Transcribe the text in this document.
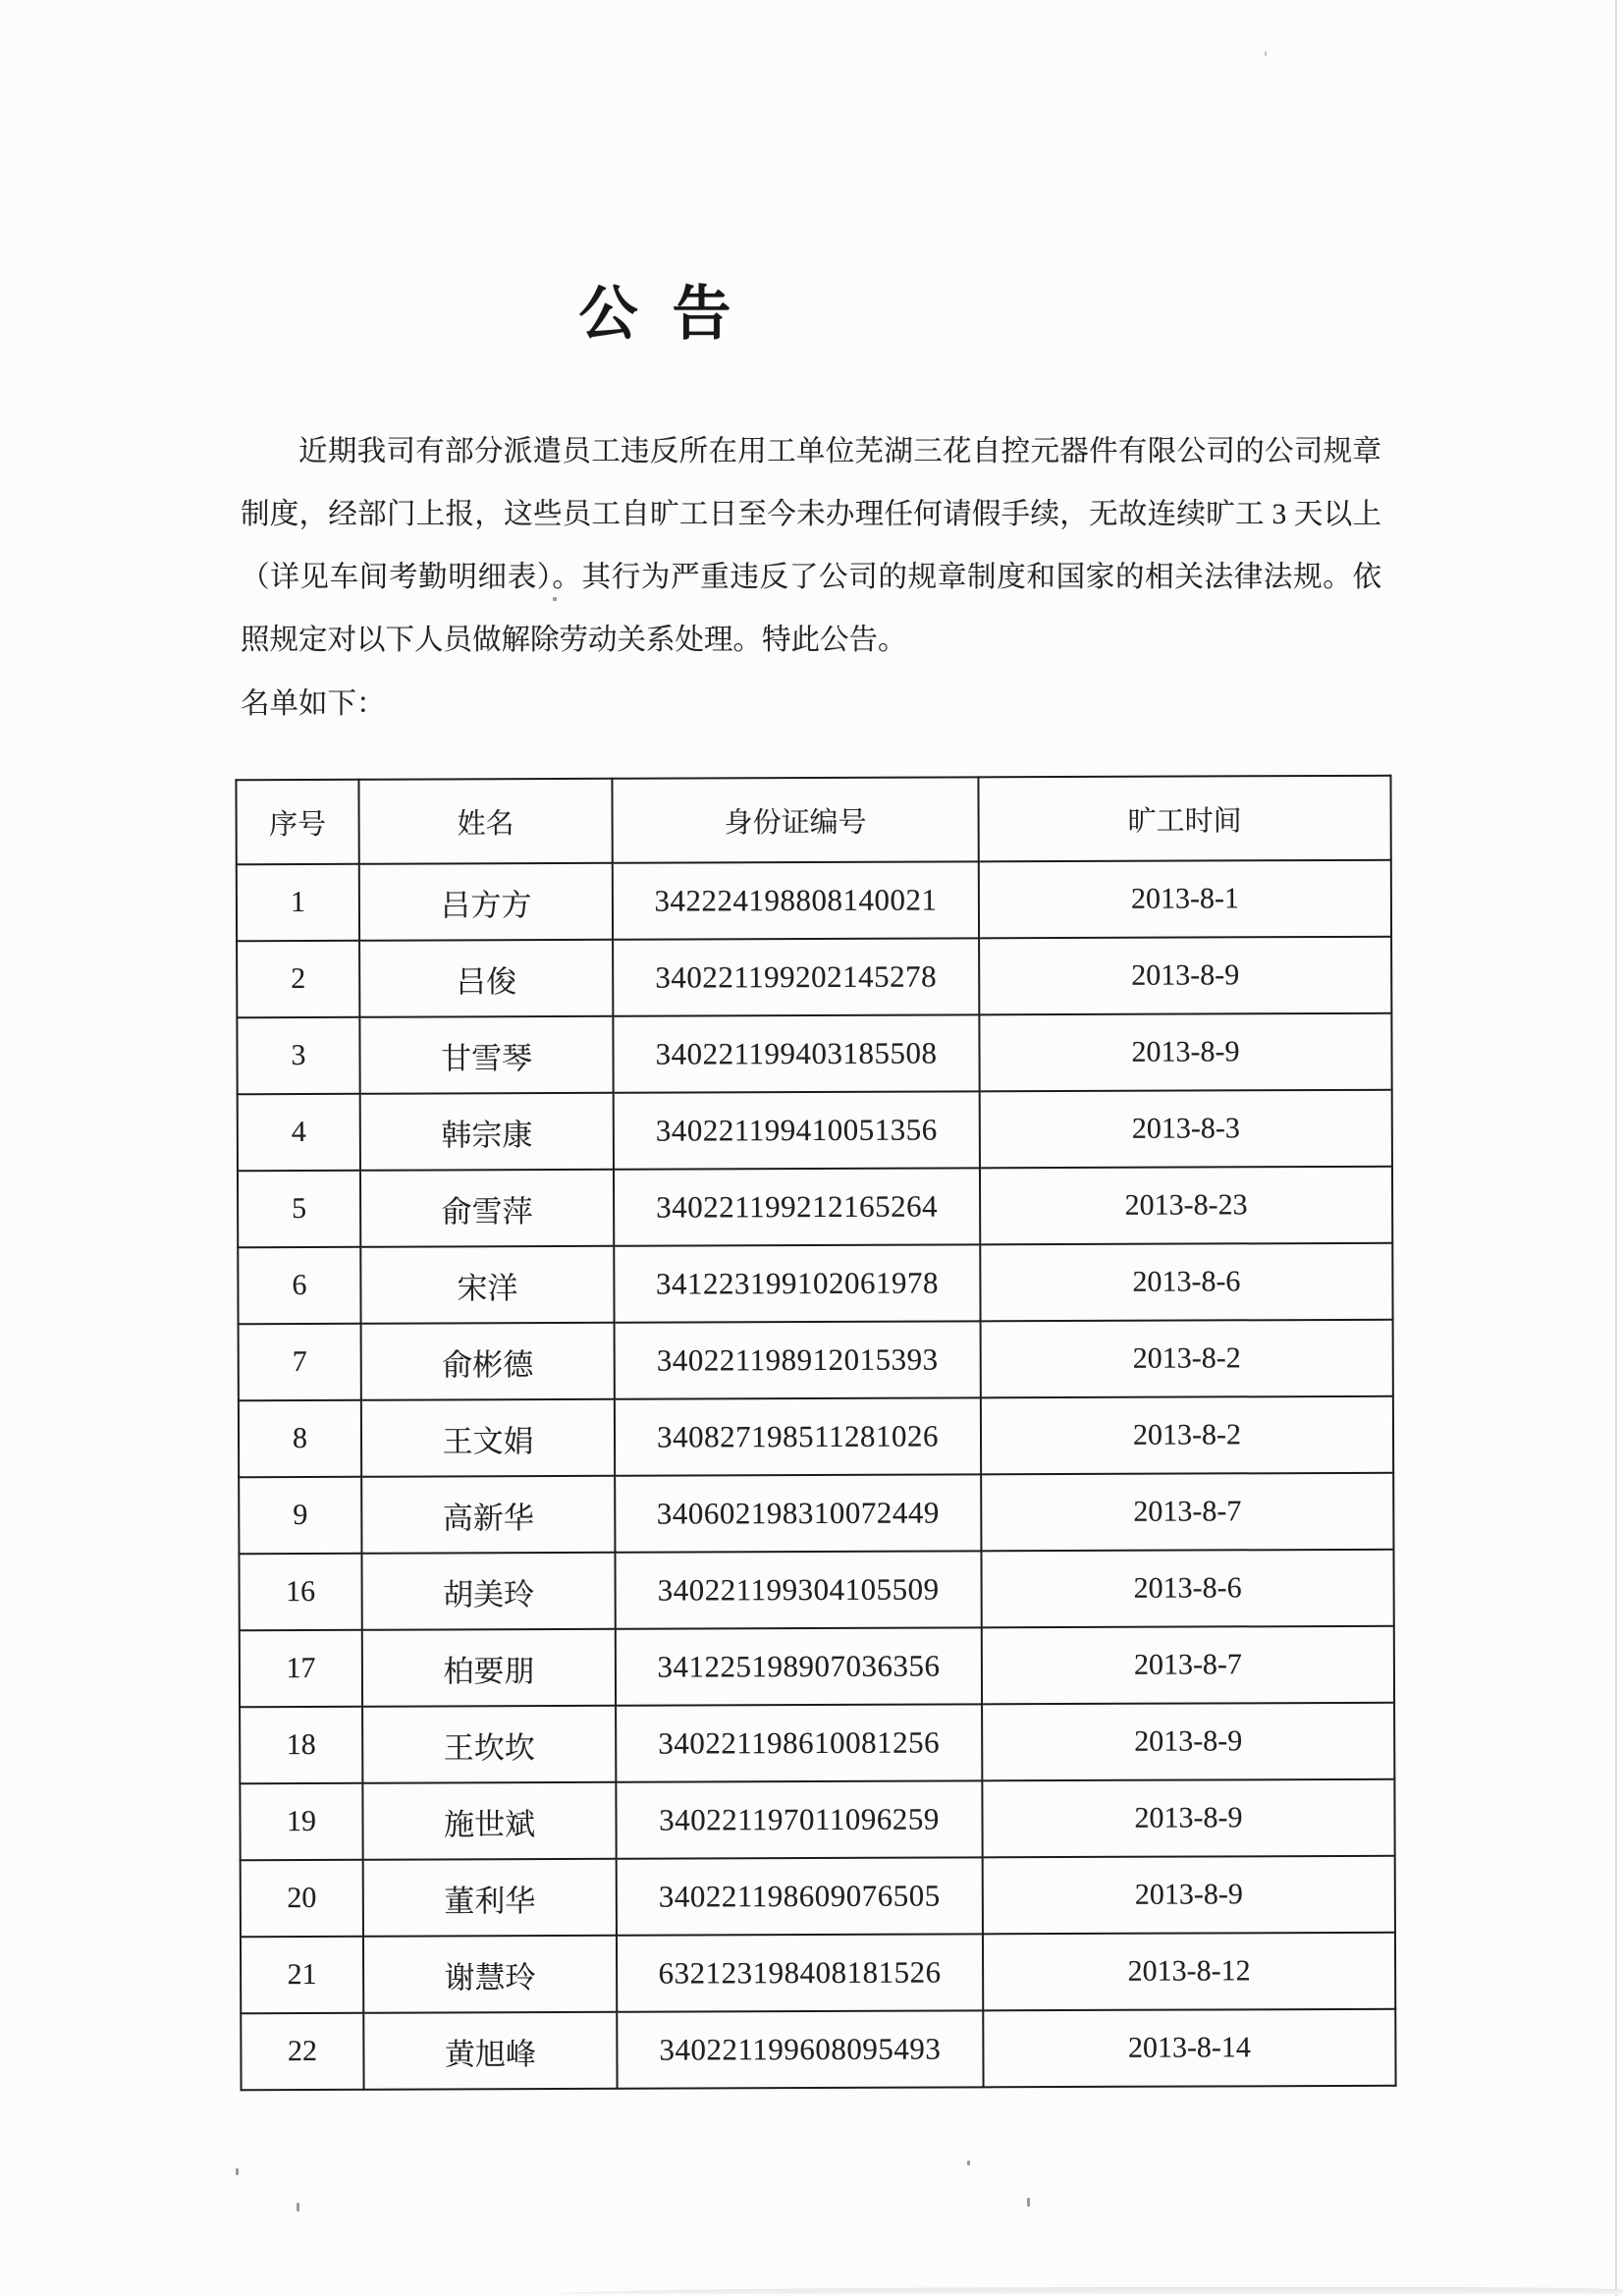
公 告
近期我司有部分派遣员工违反所在用工单位芜湖三花自控元器件有限公司的公司规章制度，经部门上报，这些员工自旷工日至今未办理任何请假手续，无故连续旷工 3 天以上（详见车间考勤明细表）。其行为严重违反了公司的规章制度和国家的相关法律法规。依照规定对以下人员做解除劳动关系处理。特此公告。
名单如下：
序号	姓名	身份证编号	旷工时间
1	吕方方	342224198808140021	2013-8-1
2	吕俊	340221199202145278	2013-8-9
3	甘雪琴	340221199403185508	2013-8-9
4	韩宗康	340221199410051356	2013-8-3
5	俞雪萍	340221199212165264	2013-8-23
6	宋洋	341223199102061978	2013-8-6
7	俞彬德	340221198912015393	2013-8-2
8	王文娟	340827198511281026	2013-8-2
9	高新华	340602198310072449	2013-8-7
16	胡美玲	340221199304105509	2013-8-6
17	柏要朋	341225198907036356	2013-8-7
18	王坎坎	340221198610081256	2013-8-9
19	施世斌	340221197011096259	2013-8-9
20	董利华	340221198609076505	2013-8-9
21	谢慧玲	632123198408181526	2013-8-12
22	黄旭峰	340221199608095493	2013-8-14
